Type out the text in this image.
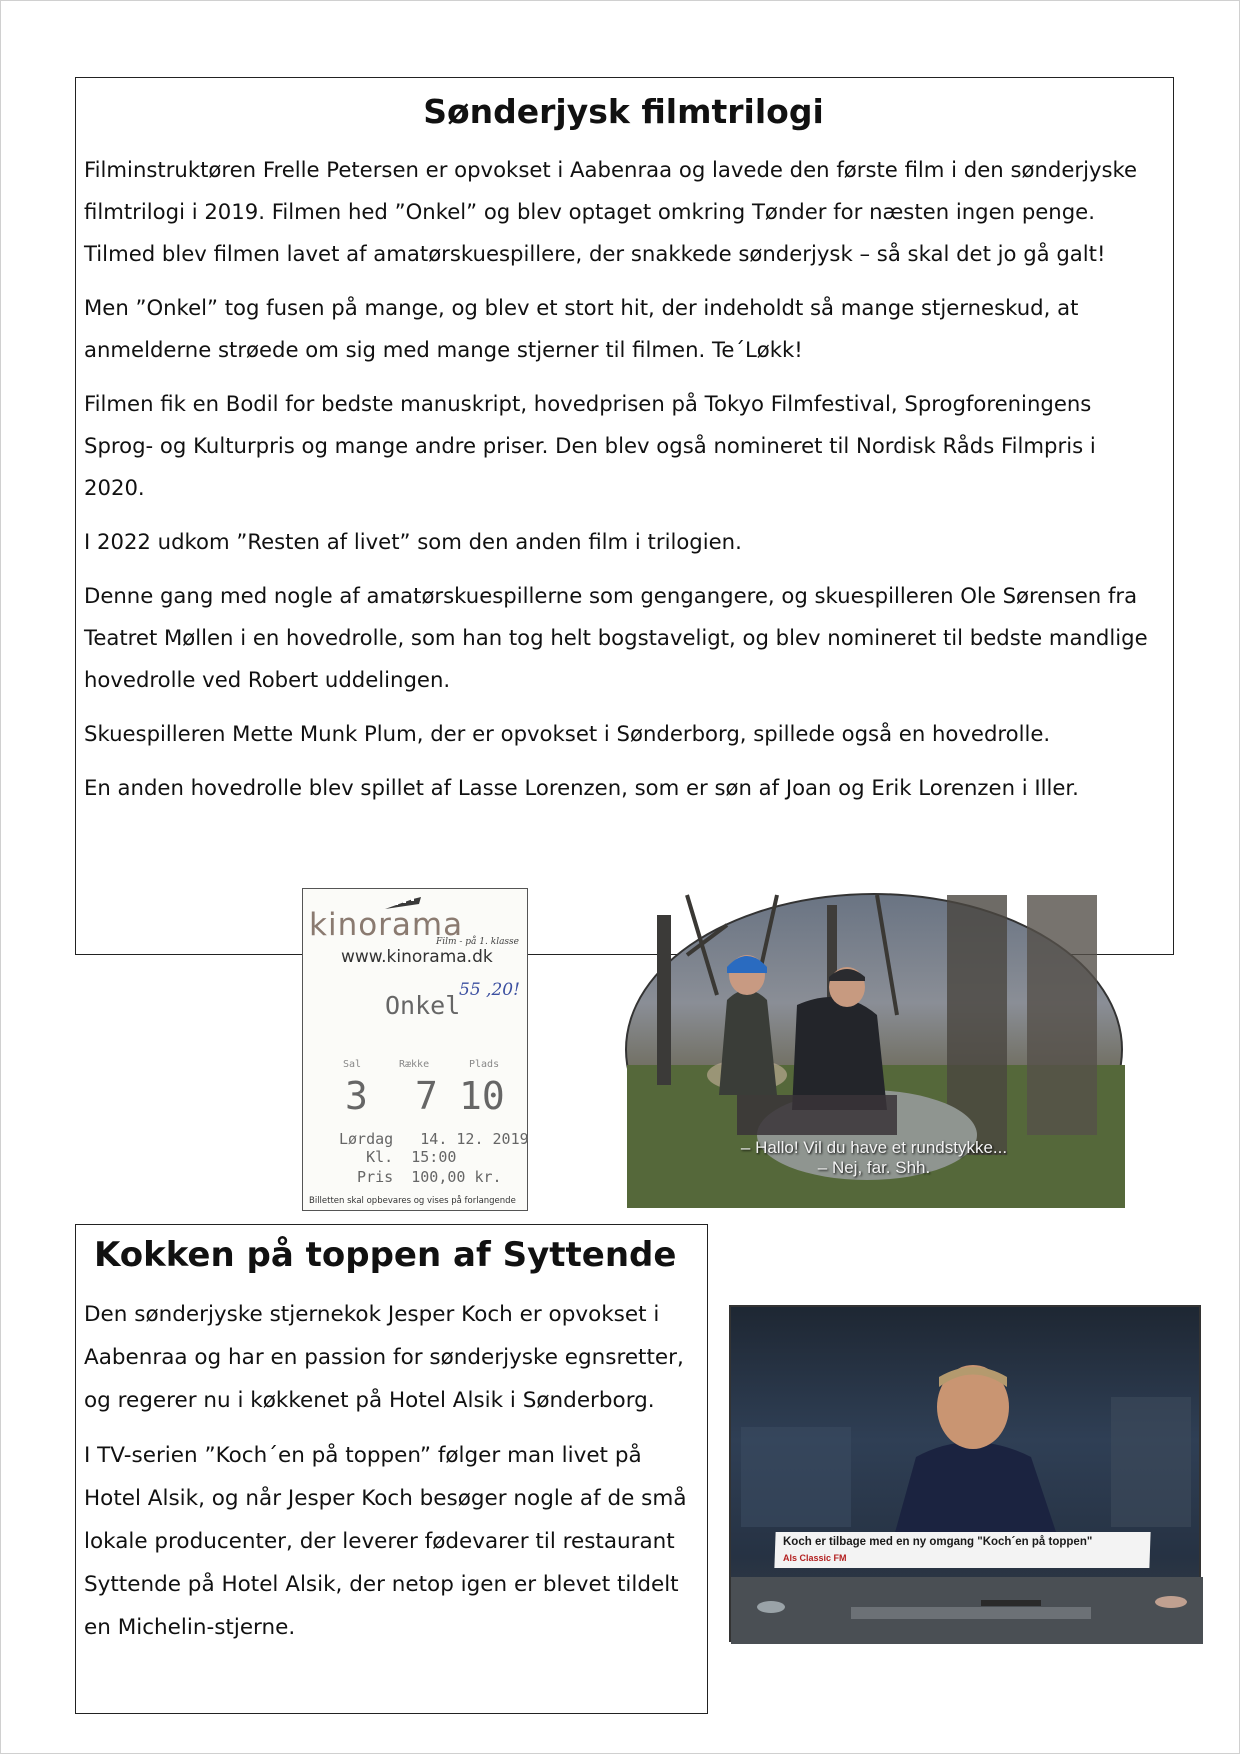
Sønderjysk filmtrilogi

Filminstruktøren Frelle Petersen er opvokset i Aabenraa og lavede den første film i den sønderjyske filmtrilogi i 2019. Filmen hed ”Onkel” og blev optaget omkring Tønder for næsten ingen penge. Tilmed blev filmen lavet af amatørskuespillere, der snakkede sønderjysk – så skal det jo gå galt!

Men ”Onkel” tog fusen på mange, og blev et stort hit, der indeholdt så mange stjerneskud, at anmelderne strøede om sig med mange stjerner til filmen. Te´Løkk!

Filmen fik en Bodil for bedste manuskript, hovedprisen på Tokyo Filmfestival, Sprogforeningens Sprog- og Kulturpris og mange andre priser. Den blev også nomineret til Nordisk Råds Filmpris i 2020.

I 2022 udkom ”Resten af livet” som den anden film i trilogien.

Denne gang med nogle af amatørskuespillerne som gengangere, og skuespilleren Ole Sørensen fra Teatret Møllen i en hovedrolle, som han tog helt bogstaveligt, og blev nomineret til bedste mandlige hovedrolle ved Robert uddelingen.

Skuespilleren Mette Munk Plum, der er opvokset i Sønderborg, spillede også en hovedrolle.

En anden hovedrolle blev spillet af Lasse Lorenzen, som er søn af Joan og Erik Lorenzen i Iller.

kinorama
Film - på 1. klasse
www.kinorama.dk
Onkel
55 ,20!
Sal	Række	Plads
3 7 10
Lørdag   14. 12. 2019
Kl.  15:00
Pris  100,00 kr.
Billetten skal opbevares og vises på forlangende
– Hallo! Vil du have et rundstykke...
– Nej, far. Shh.
Kokken på toppen af Syttende

Den sønderjyske stjernekok Jesper Koch er opvokset i Aabenraa og har en passion for sønderjyske egnsretter, og regerer nu i køkkenet på Hotel Alsik i Sønderborg.

I TV-serien ”Koch´en på toppen” følger man livet på Hotel Alsik, og når Jesper Koch besøger nogle af de små lokale producenter, der leverer fødevarer til restaurant Syttende på Hotel Alsik, der netop igen er blevet tildelt en Michelin-stjerne.

Koch er tilbage med en ny omgang "Koch´en på toppen"
Als Classic FM
